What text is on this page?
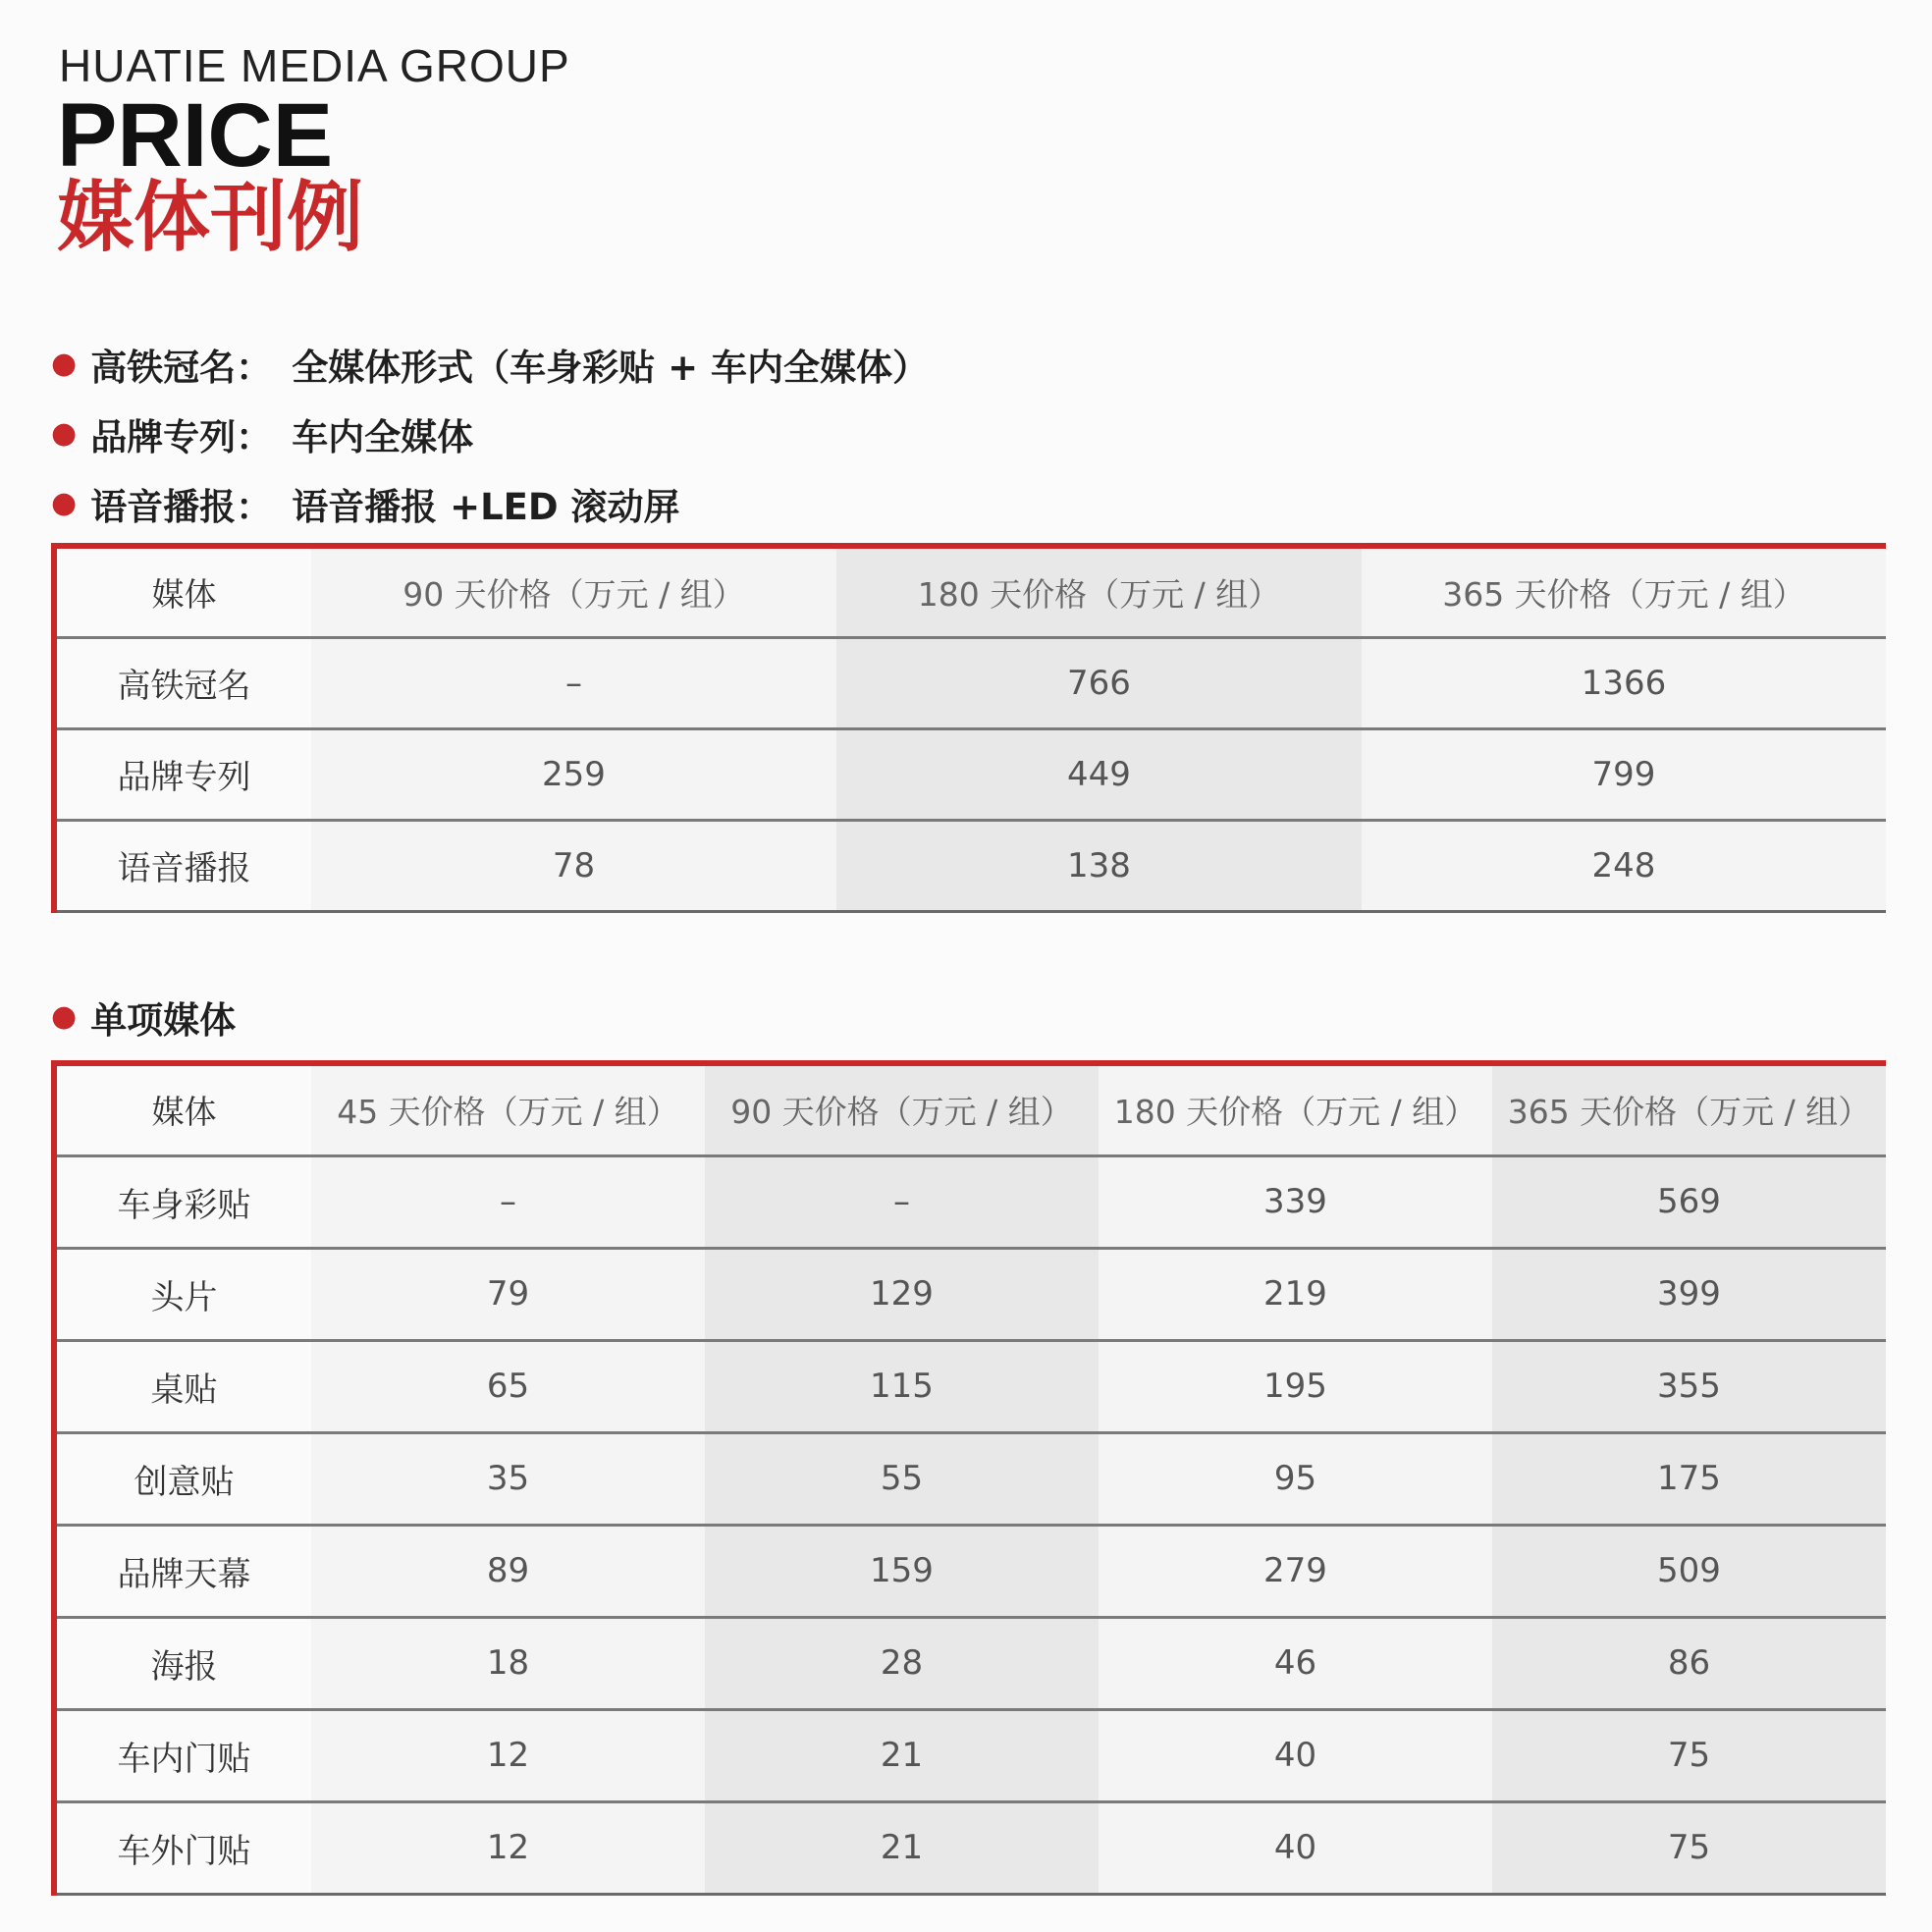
HUATIE MEDIA GROUP
PRICE
媒体刊例
● 高铁冠名： 全媒体形式（车身彩贴 + 车内全媒体）
● 品牌专列： 车内全媒体
● 语音播报： 语音播报 +LED 滚动屏
媒体	90 天价格（万元 / 组）	180 天价格（万元 / 组）	365 天价格（万元 / 组）
高铁冠名	–	766	1366
品牌专列	259	449	799
语音播报	78	138	248
● 单项媒体
媒体	45 天价格（万元 / 组）	90 天价格（万元 / 组）	180 天价格（万元 / 组）	365 天价格（万元 / 组）
车身彩贴	–	–	339	569
头片	79	129	219	399
桌贴	65	115	195	355
创意贴	35	55	95	175
品牌天幕	89	159	279	509
海报	18	28	46	86
车内门贴	12	21	40	75
车外门贴	12	21	40	75
